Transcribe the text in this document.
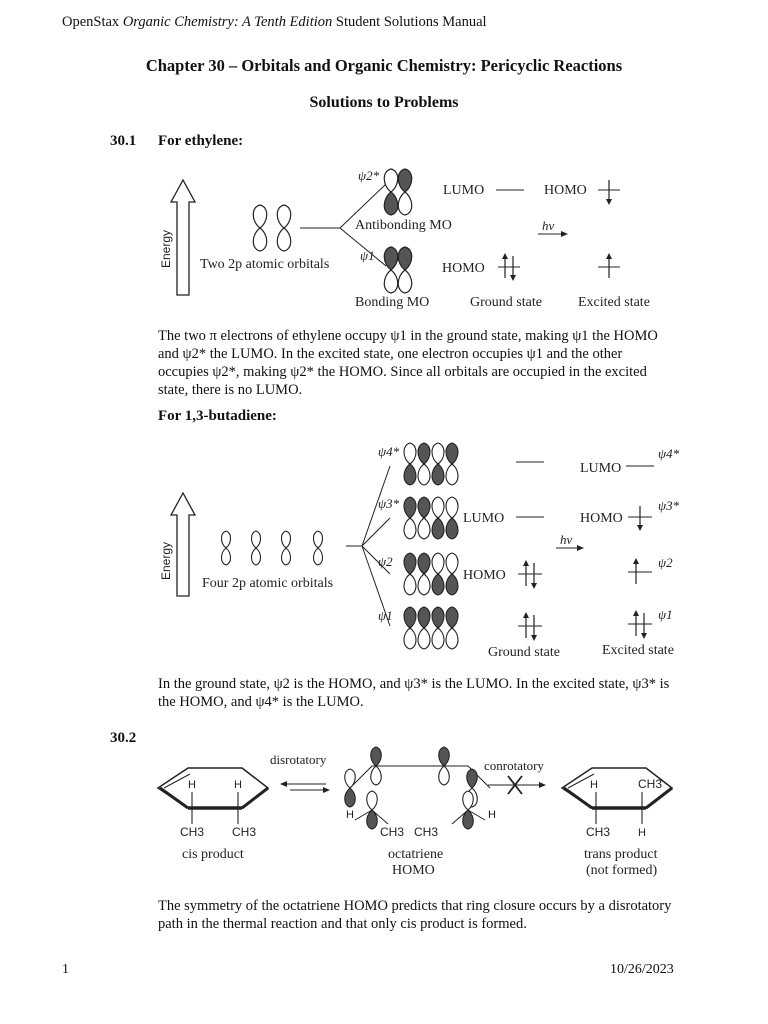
OpenStax Organic Chemistry: A Tenth Edition Student Solutions Manual
Chapter 30 – Orbitals and Organic Chemistry: Pericyclic Reactions
Solutions to Problems
30.1 For ethylene:
Energy Two 2p atomic orbitals
ψ2*
Antibonding MO
ψ1
Bonding MO
LUMO
HOMO
Ground state
hv
HOMO
Excited state
The two π electrons of ethylene occupy ψ1 in the ground state, making ψ1 the HOMO
and ψ2* the LUMO. In the excited state, one electron occupies ψ1 and the other
occupies ψ2*, making ψ2* the HOMO. Since all orbitals are occupied in the excited
state, there is no LUMO.
For 1,3-butadiene:
Energy
Four 2p atomic orbitals
ψ4*
ψ3*
ψ2
ψ1
LUMO
HOMO
Ground state
hv
LUMO
ψ4*
HOMO
ψ3*
ψ2
ψ1
Excited state
In the ground state, ψ2 is the HOMO, and ψ3* is the LUMO. In the excited state, ψ3* is
the HOMO, and ψ4* is the LUMO.
30.2
H	H
CH3 CH3
cis product
disrotatory
H	H
CH3 CH3
octatriene
HOMO
conrotatory
H	CH3
CH3	H
trans product
(not formed)
The symmetry of the octatriene HOMO predicts that ring closure occurs by a disrotatory
path in the thermal reaction and that only cis product is formed.
1	10/26/2023
